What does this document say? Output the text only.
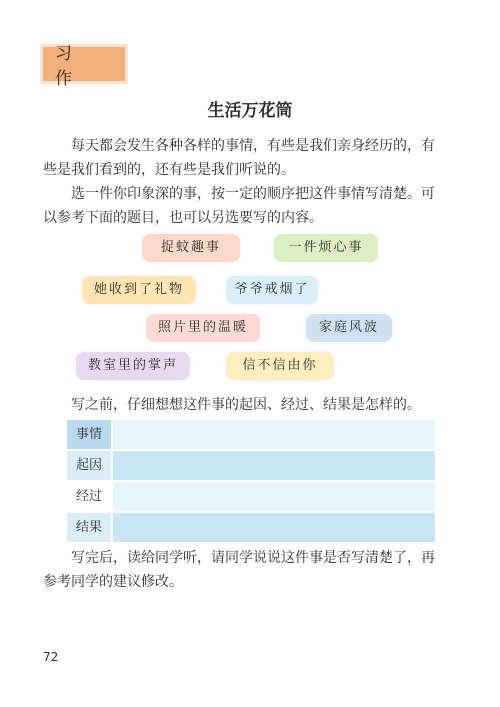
习 作
生活万花筒
每天都会发生各种各样的事情，有些是我们亲身经历的，有些是我们看到的，还有些是我们听说的。
选一件你印象深的事，按一定的顺序把这件事情写清楚。可以参考下面的题目，也可以另选要写的内容。
捉蚊趣事	一件烦心事
她收到了礼物	爷爷戒烟了
照片里的温暖	家庭风波
教室里的掌声	信不信由你
写之前，仔细想想这件事的起因、经过、结果是怎样的。
事情
起因
经过
结果
写完后，读给同学听，请同学说说这件事是否写清楚了，再参考同学的建议修改。
72
